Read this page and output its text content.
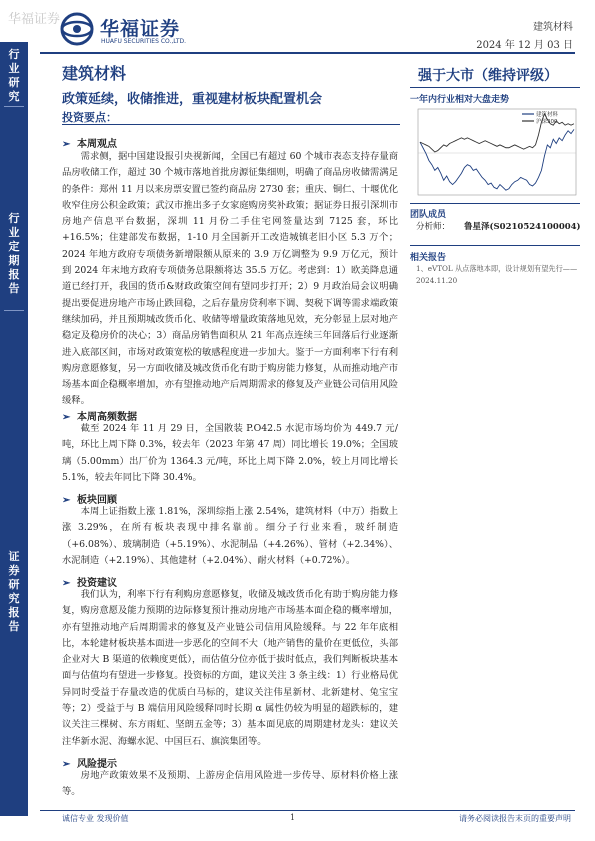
华福证券 华福证券
HUAFU SECURITIES CO.,LTD.
建筑材料
2024 年 12 月 03 日
行
业
研
究
行
业
定
期
报
告
证
券
研
究
报
告
建筑材料
政策延续，收储推进，重视建材板块配置机会
投资要点：
➢ 本周观点
需求侧，据中国建设报引央视新闻，全国已有超过 60 个城市表态支持存量商品房收储工作，超过 30 个城市落地首批房源征集细则，明确了商品房收储需满足的条件：郑州 11 月以来房票安置已签约商品房 2730 套；重庆、铜仁、十堰优化收窄住房公积金政策；武汉市推出多子女家庭购房奖补政策；据证券日报引深圳市房地产信息平台数据，深圳 11 月份二手住宅网签量达到 7125 套，环比+16.5%；住建部发布数据，1-10 月全国新开工改造城镇老旧小区 5.3 万个；2024 年地方政府专项债务新增限额从原来的 3.9 万亿调整为 9.9 万亿元，预计到 2024 年末地方政府专项债务总限额将达 35.5 万亿。考虑到：1）欧美降息通道已经打开，我国的货币&财政政策空间有望同步打开；2）9 月政治局会议明确提出要促进房地产市场止跌回稳，之后存量房贷利率下调、契税下调等需求端政策继续加码，并且预期城改货币化、收储等增量政策落地见效，充分彰显上层对地产稳定及稳房价的决心；3）商品房销售面积从 21 年高点连续三年回落后行业逐渐进入底部区间，市场对政策宽松的敏感程度进一步加大。鉴于一方面利率下行有利购房意愿修复，另一方面收储及城改货币化有助于购房能力修复，从而推动地产市场基本面企稳概率增加，亦有望推动地产后周期需求的修复及产业链公司信用风险缓释。
➢ 本周高频数据
截至 2024 年 11 月 29 日，全国散装 P.O42.5 水泥市场均价为 449.7 元/吨，环比上周下降 0.3%，较去年（2023 年第 47 周）同比增长 19.0%；全国玻璃（5.00mm）出厂价为 1364.3 元/吨，环比上周下降 2.0%，较上月同比增长 5.1%，较去年同比下降 30.4%。
➢ 板块回顾
本周上证指数上涨 1.81%，深圳综指上涨 2.54%，建筑材料（中万）指数上涨 3.29%，在所有板块表现中排名靠前。细分子行业来看，玻纤制造（+6.08%）、玻璃制造（+5.19%）、水泥制品（+4.26%）、管材（+2.34%）、水泥制造（+2.19%）、其他建材（+2.04%）、耐火材料（+0.72%）。
➢ 投资建议
我们认为，利率下行有利购房意愿修复，收储及城改货币化有助于购房能力修复，购房意愿及能力预期的边际修复预计推动房地产市场基本面企稳的概率增加，亦有望推动地产后周期需求的修复及产业链公司信用风险缓释。与 22 年年底相比，本轮建材板块基本面进一步恶化的空间不大（地产销售的量价在更低位，头部企业对大 B 渠道的依赖度更低），而估值分位亦低于拔时低点，我们判断板块基本面与估值均有望进一步修复。投资标的方面，建议关注 3 条主线：1）行业格局优异同时受益于存量改造的优质白马标的，建议关注伟星新材、北新建材、兔宝宝等；2）受益于与 B 端信用风险缓释同时长期 α 属性仍较为明显的超跌标的，建议关注三棵树、东方雨虹、坚朗五金等；3）基本面见底的周期建材龙头：建议关注华新水泥、海螺水泥、中国巨石、旗滨集团等。
➢ 风险提示
房地产政策效果不及预期、上游房企信用风险进一步传导、原材料价格上涨等。
强于大市（维持评级）
一年内行业相对大盘走势
建筑材料
沪深300
团队成员
分析师： 鲁星泽(S0210524100004)
相关报告
1、eVTOL 从点落地本即，设计规划有望先行——2024.11.20
诚信专业 发现价值	1	请务必阅读报告末页的重要声明
